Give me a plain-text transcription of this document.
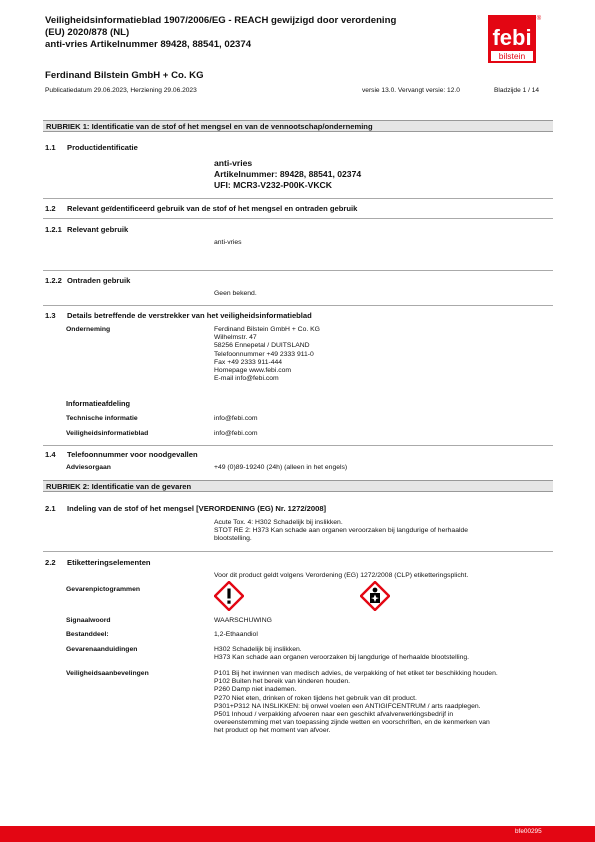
Veiligheidsinformatieblad 1907/2006/EG - REACH gewijzigd door verordening
(EU) 2020/878 (NL)
anti-vries Artikelnummer 89428, 88541, 02374	febi
bilstein
®
Ferdinand Bilstein GmbH + Co. KG
Publicatiedatum 29.06.2023, Herziening 29.06.2023	versie 13.0. Vervangt versie: 12.0	Bladzijde 1 / 14
RUBRIEK 1: Identificatie van de stof of het mengsel en van de vennootschap/onderneming
1.1 Productidentificatie
anti-vries
Artikelnummer: 89428, 88541, 02374
UFI: MCR3-V232-P00K-VKCK
1.2 Relevant geïdentificeerd gebruik van de stof of het mengsel en ontraden gebruik
1.2.1 Relevant gebruik
anti-vries
1.2.2 Ontraden gebruik
Geen bekend.
1.3 Details betreffende de verstrekker van het veiligheidsinformatieblad
Onderneming	Ferdinand Bilstein GmbH + Co. KG
Wilhelmstr. 47
58256 Ennepetal / DUITSLAND
Telefoonnummer +49 2333 911-0
Fax +49 2333 911-444
Homepage www.febi.com
E-mail info@febi.com
Informatieafdeling
Technische informatie	info@febi.com
Veiligheidsinformatieblad	info@febi.com
1.4 Telefoonnummer voor noodgevallen
Adviesorgaan	+49 (0)89-19240 (24h) (alleen in het engels)
RUBRIEK 2: Identificatie van de gevaren
2.1 Indeling van de stof of het mengsel [VERORDENING (EG) Nr. 1272/2008]
Acute Tox. 4: H302 Schadelijk bij inslikken.
STOT RE 2: H373 Kan schade aan organen veroorzaken bij langdurige of herhaalde
blootstelling.
2.2 Etiketteringselementen
Voor dit product geldt volgens Verordening (EG) 1272/2008 (CLP) etiketteringsplicht.
Gevarenpictogrammen
Signaalwoord	WAARSCHUWING
Bestanddeel:	1,2-Ethaandiol
Gevarenaanduidingen	H302 Schadelijk bij inslikken.
H373 Kan schade aan organen veroorzaken bij langdurige of herhaalde blootstelling.
Veiligheidsaanbevelingen	P101 Bij het inwinnen van medisch advies, de verpakking of het etiket ter beschikking houden.
P102 Buiten het bereik van kinderen houden.
P260 Damp niet inademen.
P270 Niet eten, drinken of roken tijdens het gebruik van dit product.
P301+P312 NA INSLIKKEN: bij onwel voelen een ANTIGIFCENTRUM / arts raadplegen.
P501 Inhoud / verpakking afvoeren naar een geschikt afvalverwerkingsbedrijf in
overeenstemming met van toepassing zijnde wetten en voorschriften, en de kenmerken van
het product op het moment van afvoer.
bfe00295
